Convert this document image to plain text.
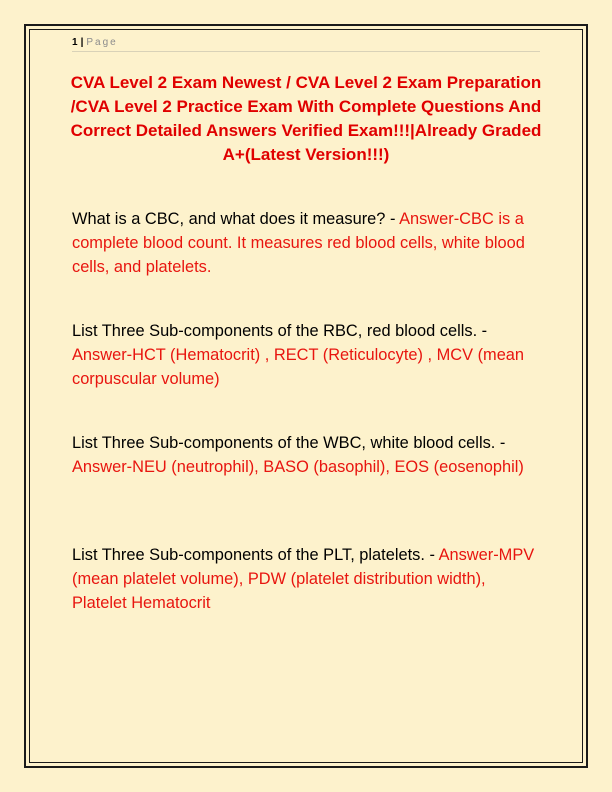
1 | Page
CVA Level 2 Exam Newest / CVA Level 2 Exam Preparation /CVA Level 2 Practice Exam With Complete Questions And Correct Detailed Answers Verified Exam!!!|Already Graded A+(Latest Version!!!)

What is a CBC, and what does it measure? - Answer-CBC is a complete blood count. It measures red blood cells, white blood cells, and platelets.

List Three Sub-components of the RBC, red blood cells. - Answer-HCT (Hematocrit) , RECT (Reticulocyte) , MCV (mean corpuscular volume)

List Three Sub-components of the WBC, white blood cells. - Answer-NEU (neutrophil), BASO (basophil), EOS (eosenophil)

List Three Sub-components of the PLT, platelets. - Answer-MPV (mean platelet volume), PDW (platelet distribution width), Platelet Hematocrit
